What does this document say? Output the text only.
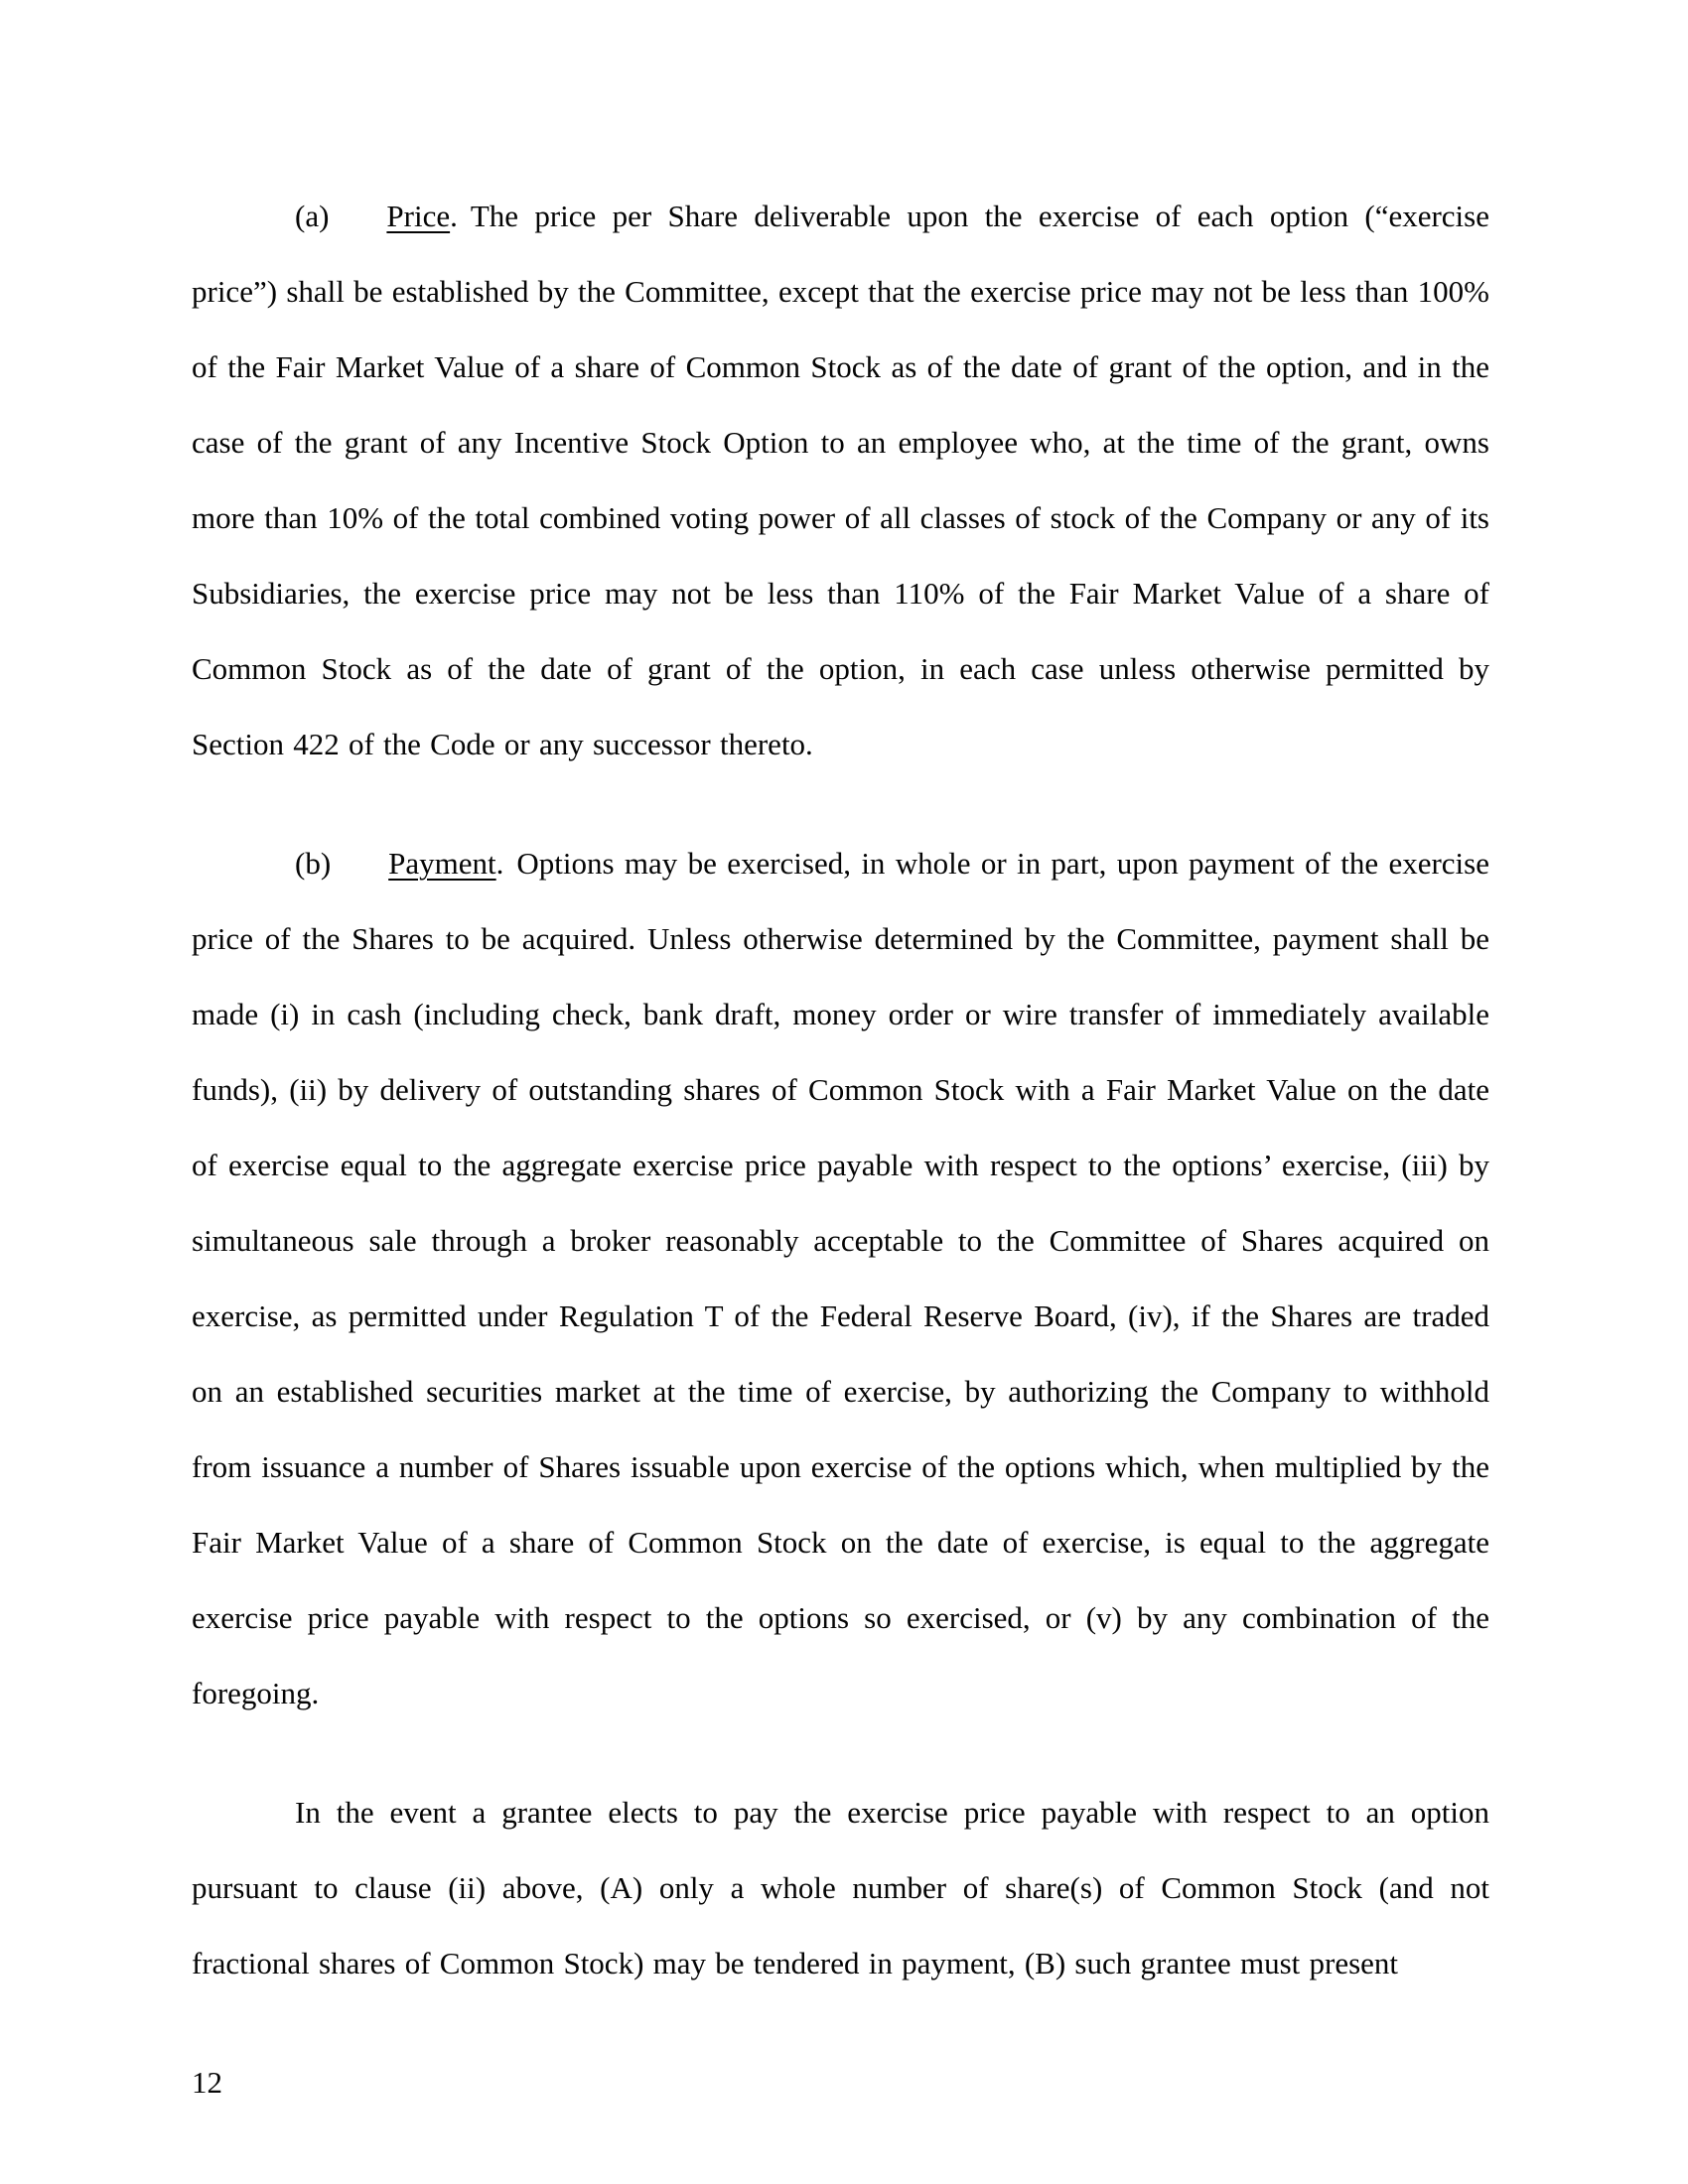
(a) Price. The price per Share deliverable upon the exercise of each option (“exercise price”) shall be established by the Committee, except that the exercise price may not be less than 100% of the Fair Market Value of a share of Common Stock as of the date of grant of the option, and in the case of the grant of any Incentive Stock Option to an employee who, at the time of the grant, owns more than 10% of the total combined voting power of all classes of stock of the Company or any of its Subsidiaries, the exercise price may not be less than 110% of the Fair Market Value of a share of Common Stock as of the date of grant of the option, in each case unless otherwise permitted by Section 422 of the Code or any successor thereto.

(b) Payment. Options may be exercised, in whole or in part, upon payment of the exercise price of the Shares to be acquired. Unless otherwise determined by the Committee, payment shall be made (i) in cash (including check, bank draft, money order or wire transfer of immediately available funds), (ii) by delivery of outstanding shares of Common Stock with a Fair Market Value on the date of exercise equal to the aggregate exercise price payable with respect to the options’ exercise, (iii) by simultaneous sale through a broker reasonably acceptable to the Committee of Shares acquired on exercise, as permitted under Regulation T of the Federal Reserve Board, (iv), if the Shares are traded on an established securities market at the time of exercise, by authorizing the Company to withhold from issuance a number of Shares issuable upon exercise of the options which, when multiplied by the Fair Market Value of a share of Common Stock on the date of exercise, is equal to the aggregate exercise price payable with respect to the options so exercised, or (v) by any combination of the foregoing.

In the event a grantee elects to pay the exercise price payable with respect to an option pursuant to clause (ii) above, (A) only a whole number of share(s) of Common Stock (and not fractional shares of Common Stock) may be tendered in payment, (B) such grantee must present

12
